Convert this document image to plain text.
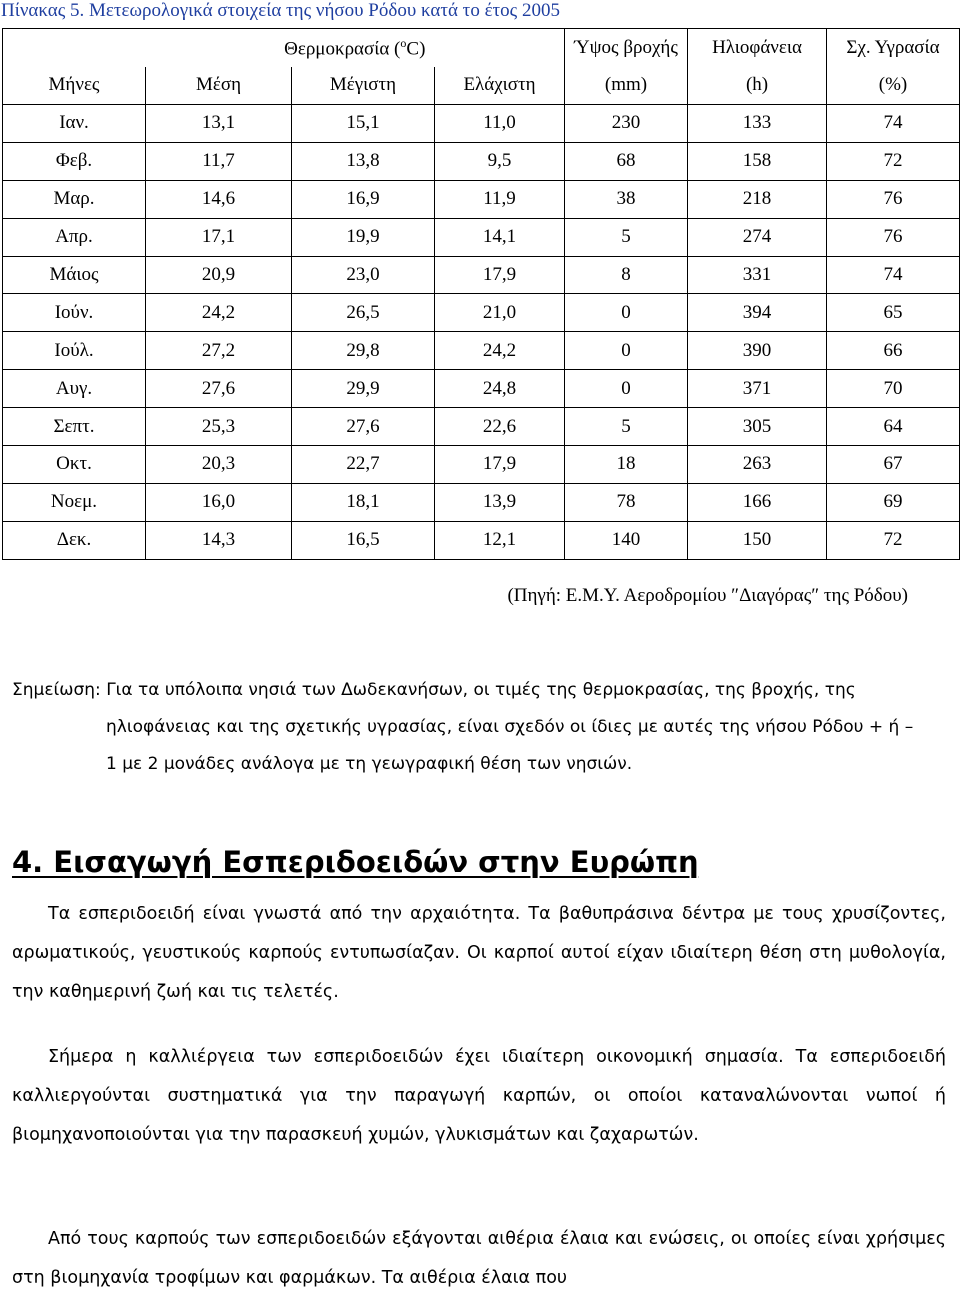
Πίνακας 5. Μετεωρολογικά στοιχεία της νήσου Ρόδου κατά το έτος 2005
	Θερμοκρασία ($^o$C)			Ύψος βροχής	Ηλιοφάνεια	Σχ. Υγρασία
Μήνες	Μέση	Μέγιστη	Ελάχιστη	(mm)	(h)	(%)
Ιαν.	13,1	15,1	11,0	230	133	74
Φεβ.	11,7	13,8	9,5	68	158	72
Μαρ.	14,6	16,9	11,9	38	218	76
Απρ.	17,1	19,9	14,1	5	274	76
Μάιος	20,9	23,0	17,9	8	331	74
Ιούν.	24,2	26,5	21,0	0	394	65
Ιούλ.	27,2	29,8	24,2	0	390	66
Αυγ.	27,6	29,9	24,8	0	371	70
Σεπτ.	25,3	27,6	22,6	5	305	64
Οκτ.	20,3	22,7	17,9	18	263	67
Νοεμ.	16,0	18,1	13,9	78	166	69
Δεκ.	14,3	16,5	12,1	140	150	72
(Πηγή: Ε.Μ.Υ. Αεροδρομίου ″Διαγόρας″ της Ρόδου)
Σημείωση: Για τα υπόλοιπα νησιά των Δωδεκανήσων, οι τιμές της θερμοκρασίας, της βροχής, της
ηλιοφάνειας και της σχετικής υγρασίας, είναι σχεδόν οι ίδιες με αυτές της νήσου Ρόδου + ή –
1 με 2 μονάδες ανάλογα με τη γεωγραφική θέση των νησιών.
4. Εισαγωγή Εσπεριδοειδών στην Ευρώπη

Τα εσπεριδοειδή είναι γνωστά από την αρχαιότητα. Τα βαθυπράσινα δέντρα με τους χρυσίζοντες, αρωματικούς, γευστικούς καρπούς εντυπωσίαζαν. Οι καρποί αυτοί είχαν ιδιαίτερη θέση στη μυθολογία, την καθημερινή ζωή και τις τελετές.

Σήμερα η καλλιέργεια των εσπεριδοειδών έχει ιδιαίτερη οικονομική σημασία. Τα εσπεριδοειδή καλλιεργούνται συστηματικά για την παραγωγή καρπών, οι οποίοι καταναλώνονται νωποί ή βιομηχανοποιούνται για την παρασκευή χυμών, γλυκισμάτων και ζαχαρωτών.

Από τους καρπούς των εσπεριδοειδών εξάγονται αιθέρια έλαια και ενώσεις, οι οποίες είναι χρήσιμες στη βιομηχανία τροφίμων και φαρμάκων. Τα αιθέρια έλαια που
